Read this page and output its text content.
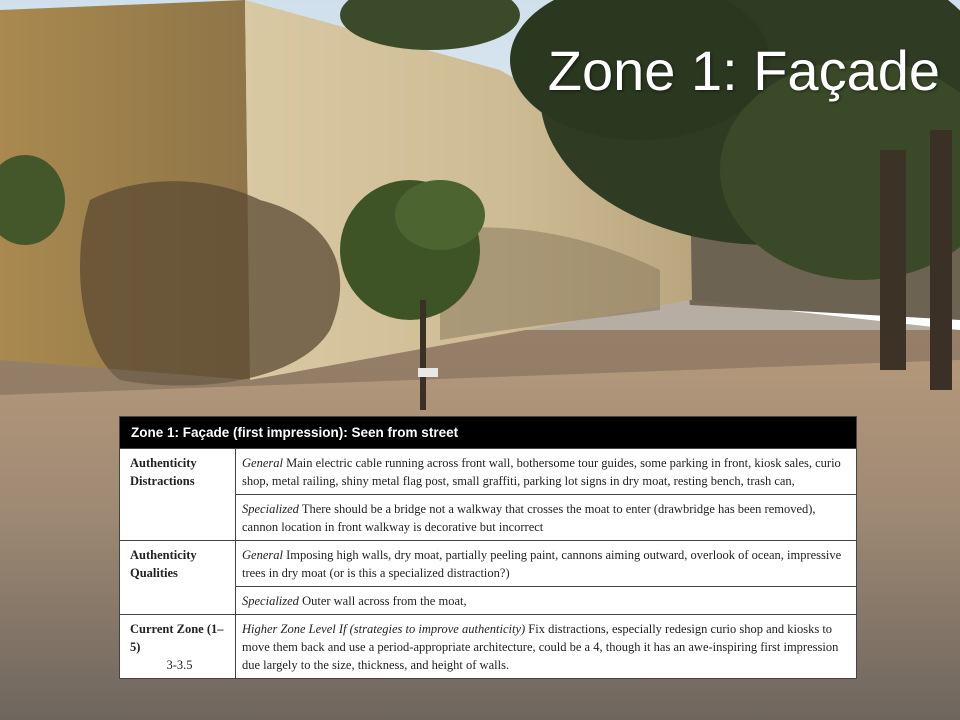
Zone 1: Façade
Zone 1: Façade (first impression): Seen from street	
Authenticity Distractions	General Main electric cable running across front wall, bothersome tour guides, some parking in front, kiosk sales, curio shop, metal railing, shiny metal flag post, small graffiti, parking lot signs in dry moat, resting bench, trash can,
	Specialized There should be a bridge not a walkway that crosses the moat to enter (drawbridge has been removed), cannon location in front walkway is decorative but incorrect
Authenticity Qualities	General Imposing high walls, dry moat, partially peeling paint, cannons aiming outward, overlook of ocean, impressive trees in dry moat (or is this a specialized distraction?)
	Specialized Outer wall across from the moat,
Current Zone (1–5)
3-3.5	Higher Zone Level If (strategies to improve authenticity) Fix distractions, especially redesign curio shop and kiosks to move them back and use a period-appropriate architecture, could be a 4, though it has an awe-inspiring first impression due largely to the size, thickness, and height of walls.
